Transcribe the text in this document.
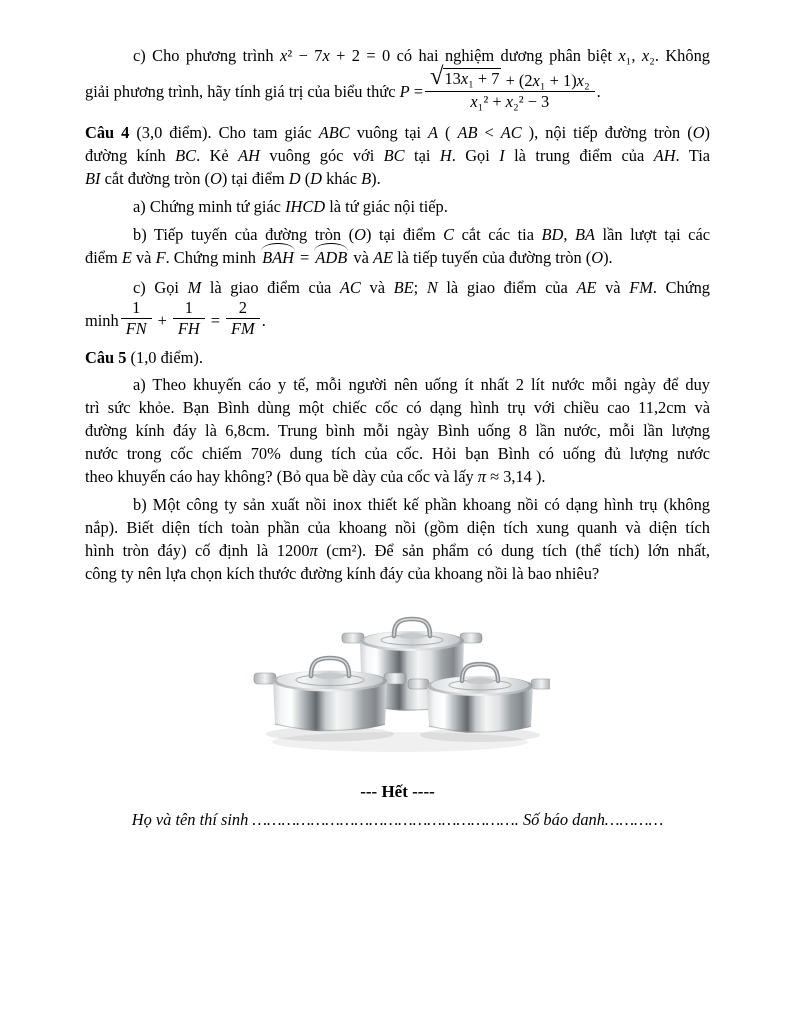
c) Cho phương trình x² − 7x + 2 = 0 có hai nghiệm dương phân biệt x₁, x₂. Không
giải phương trình, hãy tính giá trị của biểu thức $P = \frac{\text{√ 13x₁ + 7 + (2x₁ + 1)x₂}}{\text{x₁² + x₂² − 3}}$ .
Câu 4 (3,0 điểm). Cho tam giác ABC vuông tại A ( AB < AC ), nội tiếp đường tròn (O)
đường kính BC. Kẻ AH vuông góc với BC tại H. Gọi I là trung điểm của AH. Tia
BI cắt đường tròn (O) tại điểm D (D khác B).
a) Chứng minh tứ giác IHCD là tứ giác nội tiếp.
b) Tiếp tuyến của đường tròn (O) tại điểm C cắt các tia BD, BA lần lượt tại các
điểm E và F. Chứng minh BAH = ADB và AE là tiếp tuyến của đường tròn (O).
c) Gọi M là giao điểm của AC và BE; N là giao điểm của AE và FM. Chứng
minh $\frac{1}{FN} + \frac{1}{FH} = \frac{2}{FM}$ .
Câu 5 (1,0 điểm).
a) Theo khuyến cáo y tế, mỗi người nên uống ít nhất 2 lít nước mỗi ngày để duy
trì sức khỏe. Bạn Bình dùng một chiếc cốc có dạng hình trụ với chiều cao 11,2cm và
đường kính đáy là 6,8cm. Trung bình mỗi ngày Bình uống 8 lần nước, mỗi lần lượng
nước trong cốc chiếm 70% dung tích của cốc. Hỏi bạn Bình có uống đủ lượng nước
theo khuyến cáo hay không? (Bỏ qua bề dày của cốc và lấy π ≈ 3,14 ).
b) Một công ty sản xuất nồi inox thiết kế phần khoang nồi có dạng hình trụ (không
nắp). Biết diện tích toàn phần của khoang nồi (gồm diện tích xung quanh và diện tích
hình tròn đáy) cố định là 1200π (cm²). Để sản phẩm có dung tích (thể tích) lớn nhất,
công ty nên lựa chọn kích thước đường kính đáy của khoang nồi là bao nhiêu?
--- Hết ----
Họ và tên thí sinh ………………………………………………. Số báo danh…………
